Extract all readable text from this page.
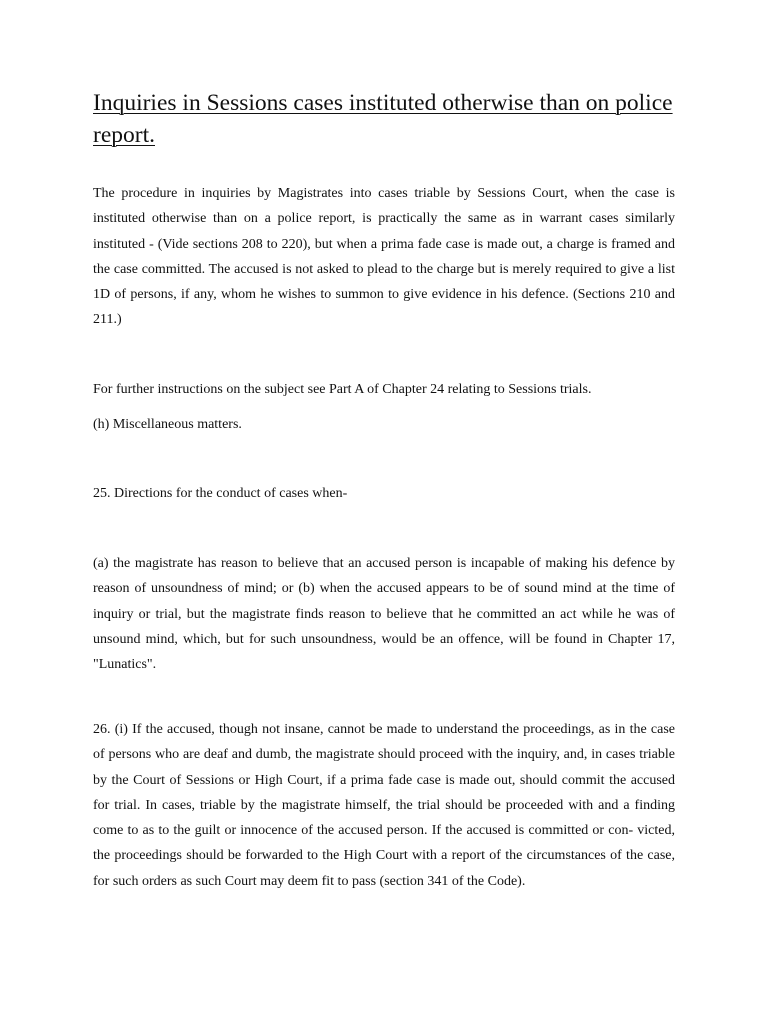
Inquiries in Sessions cases instituted otherwise than on police report.

The procedure in inquiries by Magistrates into cases triable by Sessions Court, when the case is instituted otherwise than on a police report, is practically the same as in warrant cases similarly instituted - (Vide sections 208 to 220), but when a prima fade case is made out, a charge is framed and the case committed. The accused is not asked to plead to the charge but is merely required to give a list 1D of persons, if any, whom he wishes to summon to give evidence in his defence. (Sections 210 and 211.)

For further instructions on the subject see Part A of Chapter 24 relating to Sessions trials.

(h) Miscellaneous matters.

25. Directions for the conduct of cases when-

(a) the magistrate has reason to believe that an accused person is incapable of making his defence by reason of unsoundness of mind; or (b) when the accused appears to be of sound mind at the time of inquiry or trial, but the magistrate finds reason to believe that he committed an act while he was of unsound mind, which, but for such unsoundness, would be an offence, will be found in Chapter 17, "Lunatics".

26. (i) If the accused, though not insane, cannot be made to understand the proceedings, as in the case of persons who are deaf and dumb, the magistrate should proceed with the inquiry, and, in cases triable by the Court of Sessions or High Court, if a prima fade case is made out, should commit the accused for trial. In cases, triable by the magistrate himself, the trial should be proceeded with and a finding come to as to the guilt or innocence of the accused person. If the accused is committed or con- victed, the proceedings should be forwarded to the High Court with a report of the circumstances of the case, for such orders as such Court may deem fit to pass (section 341 of the Code).
